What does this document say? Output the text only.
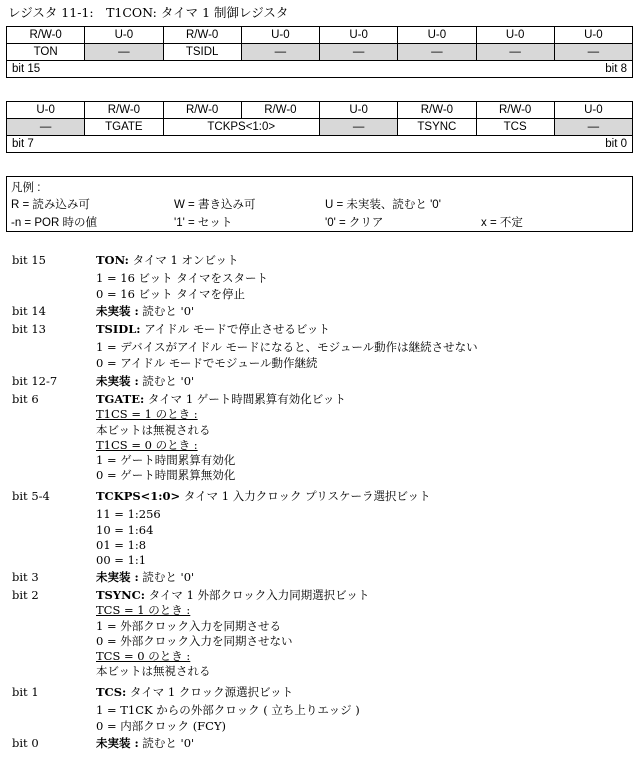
レジスタ 11-1:　T1CON: タイマ 1 制御レジスタ
R/W-0	U-0	R/W-0	U-0	U-0	U-0	U-0	U-0
TON	—	TSIDL	—	—	—	—	—
bit 15 bit 8							
U-0	R/W-0	R/W-0	R/W-0	U-0	R/W-0	R/W-0	U-0
—	TGATE	TCKPS<1:0>		—	TSYNC	TCS	—
bit 7 bit 0							
凡例 :
R = 読み込み可	W = 書き込み可	U = 未実装、読むと '0'
-n = POR 時の値	'1' = セット	'0' = クリア	x = 不定
bit 15	TON: タイマ 1 オンビット
1 = 16 ビット タイマをスタート
0 = 16 ビット タイマを停止
bit 14	未実装 : 読むと '0'
bit 13	TSIDL: アイドル モードで停止させるビット
1 = デバイスがアイドル モードになると、モジュール動作は継続させない
0 = アイドル モードでモジュール動作継続
bit 12-7	未実装 : 読むと '0'
bit 6	TGATE: タイマ 1 ゲート時間累算有効化ビット
T1CS = 1 のとき :
本ビットは無視される
T1CS = 0 のとき :
1 = ゲート時間累算有効化
0 = ゲート時間累算無効化
bit 5-4	TCKPS<1:0> タイマ 1 入力クロック プリスケーラ選択ビット
11 = 1:256
10 = 1:64
01 = 1:8
00 = 1:1
bit 3	未実装 : 読むと '0'
bit 2	TSYNC: タイマ 1 外部クロック入力同期選択ビット
TCS = 1 のとき :
1 = 外部クロック入力を同期させる
0 = 外部クロック入力を同期させない
TCS = 0 のとき :
本ビットは無視される
bit 1	TCS: タイマ 1 クロック源選択ビット
1 = T1CK からの外部クロック ( 立ち上りエッジ )
0 = 内部クロック (FCY)
bit 0	未実装 : 読むと '0'
